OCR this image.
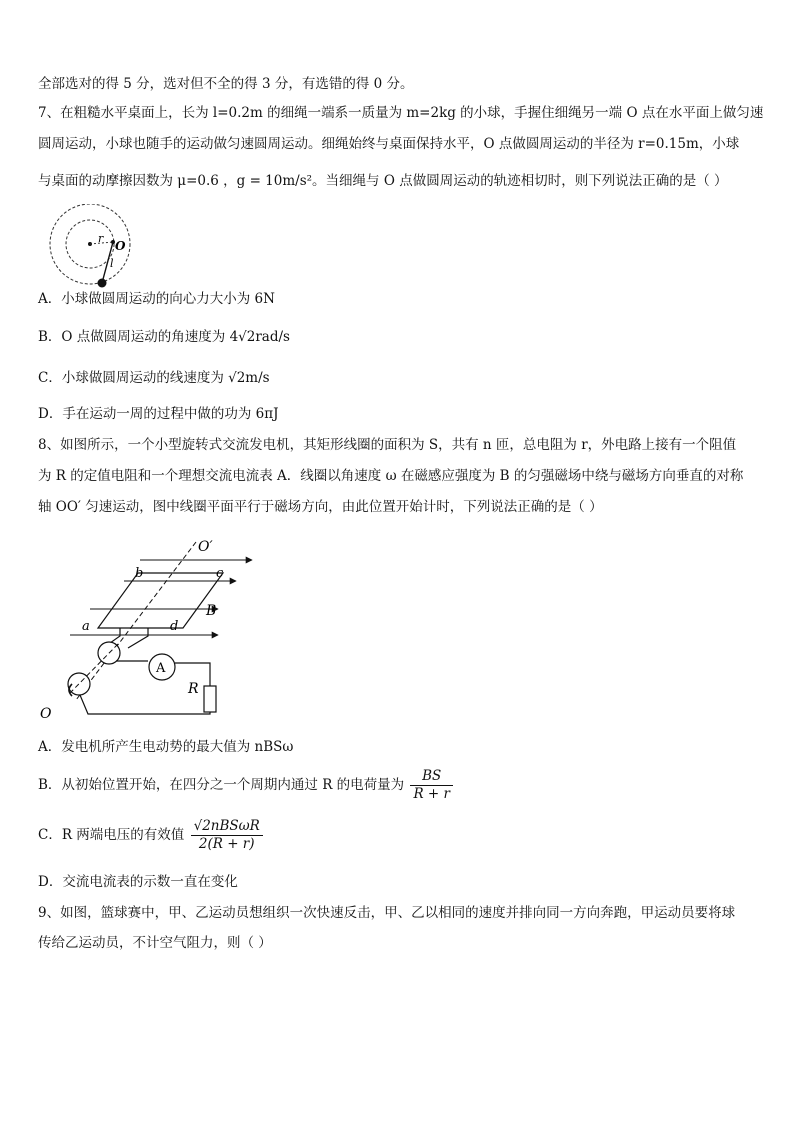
全部选对的得 5 分，选对但不全的得 3 分，有选错的得 0 分。
7、在粗糙水平桌面上，长为 l=0.2m 的细绳一端系一质量为 m=2kg 的小球，手握住细绳另一端 O 点在水平面上做匀速
圆周运动，小球也随手的运动做匀速圆周运动。细绳始终与桌面保持水平，O 点做圆周运动的半径为 r=0.15m，小球
与桌面的动摩擦因数为 μ=0.6 ，g = 10m/s²。当细绳与 O 点做圆周运动的轨迹相切时，则下列说法正确的是（ ）
r
O
l
A．小球做圆周运动的向心力大小为 6N
B．O 点做圆周运动的角速度为 4√2rad/s
C．小球做圆周运动的线速度为 √2m/s
D．手在运动一周的过程中做的功为 6πJ
8、如图所示，一个小型旋转式交流发电机，其矩形线圈的面积为 S，共有 n 匝，总电阻为 r，外电路上接有一个阻值
为 R 的定值电阻和一个理想交流电流表 A．线圈以角速度 ω 在磁感应强度为 B 的匀强磁场中绕与磁场方向垂直的对称
轴 OO′ 匀速运动，图中线圈平面平行于磁场方向，由此位置开始计时，下列说法正确的是（ ）
O′
b	c
B
a	d
A
R
O
A．发电机所产生电动势的最大值为 nBSω
B．从初始位置开始，在四分之一个周期内通过 R 的电荷量为 $\frac{BS}{R + r}$
C．R 两端电压的有效值 $\frac{\text{√2nBSωR}}{2(R + r)}$
D．交流电流表的示数一直在变化
9、如图，篮球赛中，甲、乙运动员想组织一次快速反击，甲、乙以相同的速度并排向同一方向奔跑，甲运动员要将球
传给乙运动员，不计空气阻力，则（ ）
